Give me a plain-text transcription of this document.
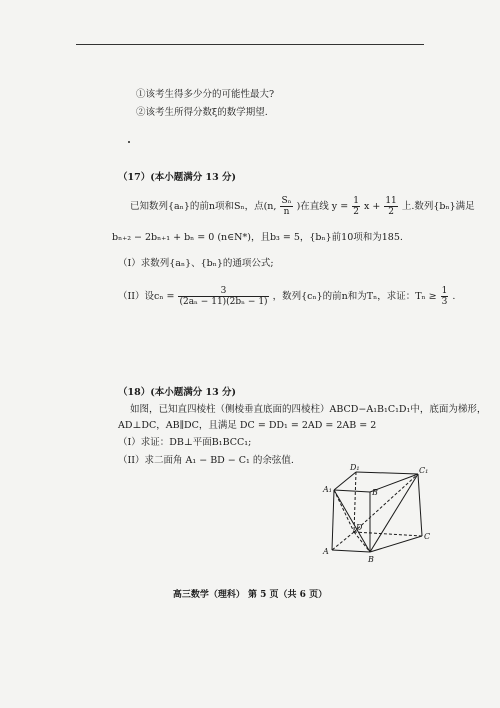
①该考生得多少分的可能性最大?
②该考生所得分数ξ的数学期望.
（17）(本小题满分 13 分)
已知数列{aₙ}的前n项和Sₙ，点(n, $\frac{\text{Sₙ}}{n}$ )在直线 $y = \frac{1}{2}$ $x + \frac{11}{2}$ 上.数列{bₙ}满足
bₙ₊₂ − 2bₙ₊₁ + bₙ = 0 (n∈N*)，且b₃ = 5，{bₙ}前10项和为185.
（I）求数列{aₙ}、{bₙ}的通项公式;
（II）设$c_n = \frac{3}{\text{(2aₙ − 11)(2bₙ − 1)}}$ ，数列{cₙ}的前n和为Tₙ，求证：$T_n \ge \frac{1}{3}$ .
（18）(本小题满分 13 分)
如图，已知直四棱柱（侧棱垂直底面的四棱柱）ABCD−A₁B₁C₁D₁中，底面为梯形，
AD⊥DC，AB∥DC，且满足 DC = DD₁ = 2AD = 2AB = 2
（I）求证：DB⊥平面B₁BCC₁;
（II）求二面角 A₁ − BD − C₁ 的余弦值.
D₁	C₁
A₁	B
D
C
A
B
高三数学（理科） 第 5 页（共 6 页）
